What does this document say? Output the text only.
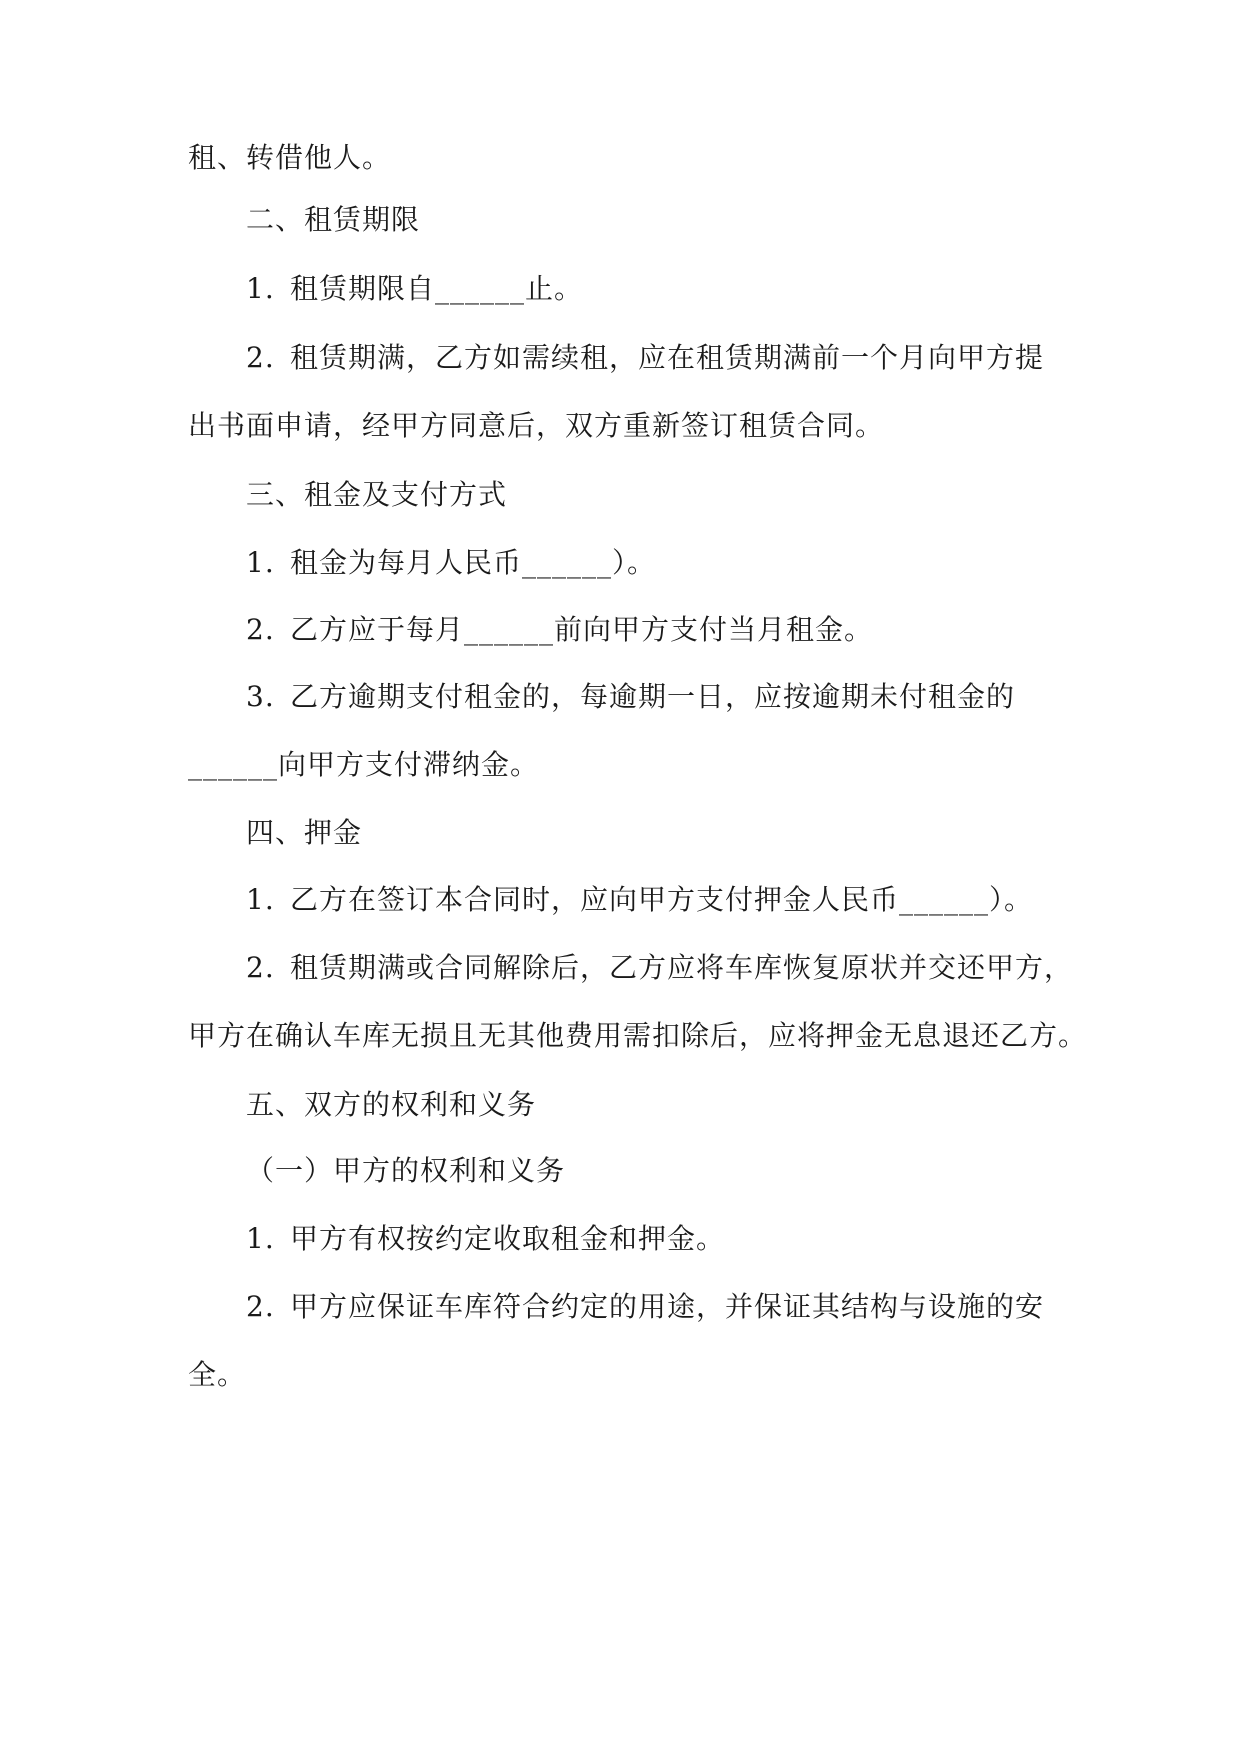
租、转借他人。
二、租赁期限
1. 租赁期限自______止。
2. 租赁期满，乙方如需续租，应在租赁期满前一个月向甲方提
出书面申请，经甲方同意后，双方重新签订租赁合同。
三、租金及支付方式
1. 租金为每月人民币______）。
2. 乙方应于每月______前向甲方支付当月租金。
3. 乙方逾期支付租金的，每逾期一日，应按逾期未付租金的
______向甲方支付滞纳金。
四、押金
1. 乙方在签订本合同时，应向甲方支付押金人民币______）。
2. 租赁期满或合同解除后，乙方应将车库恢复原状并交还甲方，
甲方在确认车库无损且无其他费用需扣除后，应将押金无息退还乙方。
五、双方的权利和义务
（一）甲方的权利和义务
1. 甲方有权按约定收取租金和押金。
2. 甲方应保证车库符合约定的用途，并保证其结构与设施的安
全。
